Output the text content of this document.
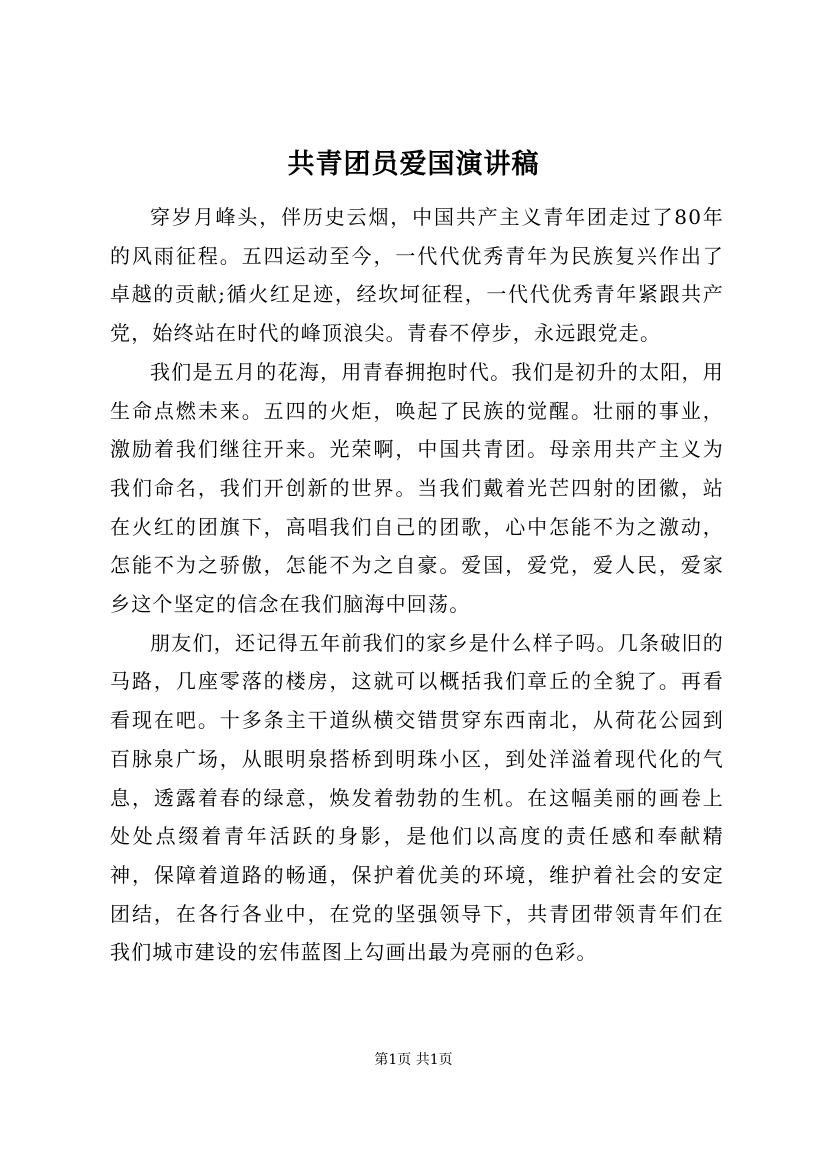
共青团员爱国演讲稿

穿岁月峰头，伴历史云烟，中国共产主义青年团走过了80年的风雨征程。五四运动至今，一代代优秀青年为民族复兴作出了卓越的贡献;循火红足迹，经坎坷征程，一代代优秀青年紧跟共产党，始终站在时代的峰顶浪尖。青春不停步，永远跟党走。

我们是五月的花海，用青春拥抱时代。我们是初升的太阳，用生命点燃未来。五四的火炬，唤起了民族的觉醒。壮丽的事业，激励着我们继往开来。光荣啊，中国共青团。母亲用共产主义为我们命名，我们开创新的世界。当我们戴着光芒四射的团徽，站在火红的团旗下，高唱我们自己的团歌，心中怎能不为之激动，怎能不为之骄傲，怎能不为之自豪。爱国，爱党，爱人民，爱家乡这个坚定的信念在我们脑海中回荡。

朋友们，还记得五年前我们的家乡是什么样子吗。几条破旧的马路，几座零落的楼房，这就可以概括我们章丘的全貌了。再看看现在吧。十多条主干道纵横交错贯穿东西南北，从荷花公园到百脉泉广场，从眼明泉搭桥到明珠小区，到处洋溢着现代化的气息，透露着春的绿意，焕发着勃勃的生机。在这幅美丽的画卷上处处点缀着青年活跃的身影，是他们以高度的责任感和奉献精神，保障着道路的畅通，保护着优美的环境，维护着社会的安定团结，在各行各业中，在党的坚强领导下，共青团带领青年们在我们城市建设的宏伟蓝图上勾画出最为亮丽的色彩。

第1页 共1页
